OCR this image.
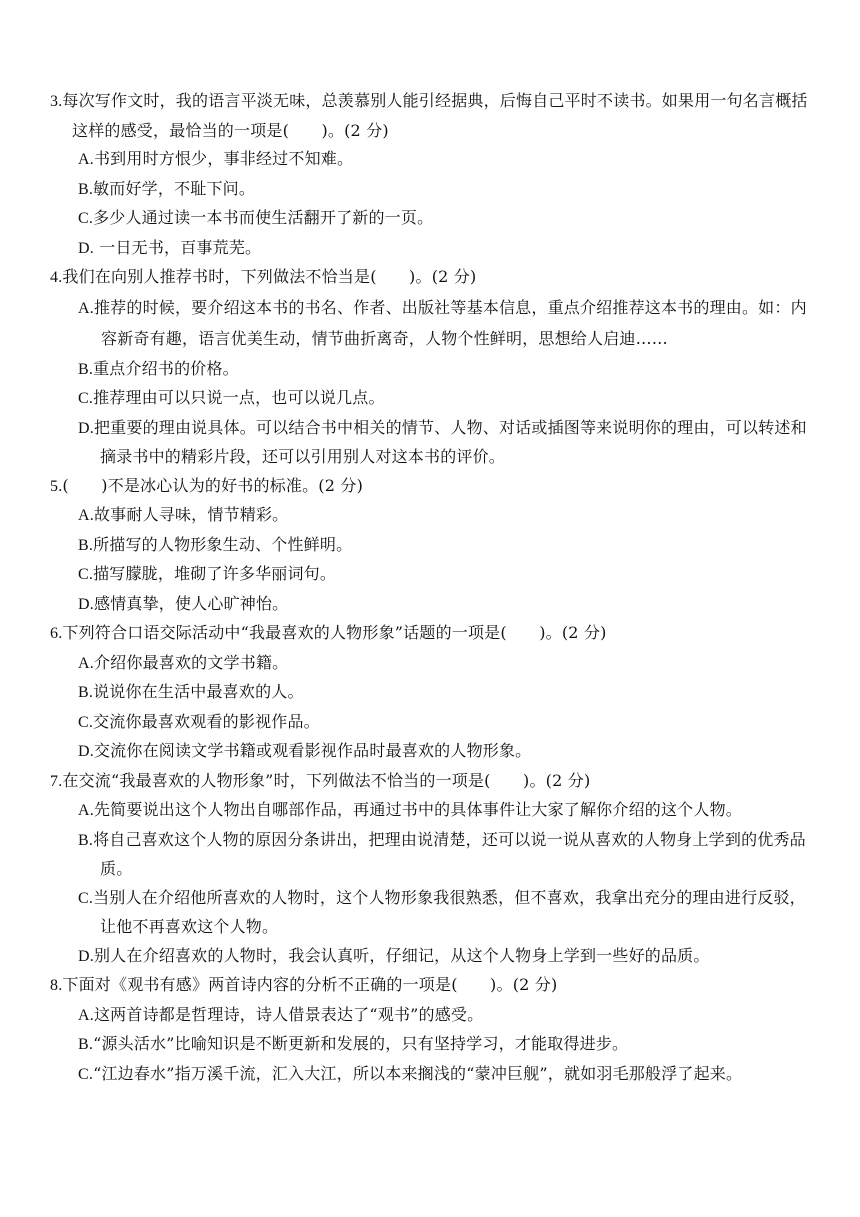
3.每次写作文时，我的语言平淡无味，总羡慕别人能引经据典，后悔自己平时不读书。如果用一句名言概括这样的感受，最恰当的一项是(　　)。(2 分)
A.书到用时方恨少，事非经过不知难。
B.敏而好学，不耻下问。
C.多少人通过读一本书而使生活翻开了新的一页。
D. 一日无书，百事荒芜。
4.我们在向别人推荐书时，下列做法不恰当是(　　)。(2 分)
A.推荐的时候，要介绍这本书的书名、作者、出版社等基本信息，重点介绍推荐这本书的理由。如：内容新奇有趣，语言优美生动，情节曲折离奇，人物个性鲜明，思想给人启迪……
B.重点介绍书的价格。
C.推荐理由可以只说一点，也可以说几点。
D.把重要的理由说具体。可以结合书中相关的情节、人物、对话或插图等来说明你的理由，可以转述和摘录书中的精彩片段，还可以引用别人对这本书的评价。
5.(　　)不是冰心认为的好书的标准。(2 分)
A.故事耐人寻味，情节精彩。
B.所描写的人物形象生动、个性鲜明。
C.描写朦胧，堆砌了许多华丽词句。
D.感情真挚，使人心旷神怡。
6.下列符合口语交际活动中“我最喜欢的人物形象”话题的一项是(　　)。(2 分)
A.介绍你最喜欢的文学书籍。
B.说说你在生活中最喜欢的人。
C.交流你最喜欢观看的影视作品。
D.交流你在阅读文学书籍或观看影视作品时最喜欢的人物形象。
7.在交流“我最喜欢的人物形象”时，下列做法不恰当的一项是(　　)。(2 分)
A.先简要说出这个人物出自哪部作品，再通过书中的具体事件让大家了解你介绍的这个人物。
B.将自己喜欢这个人物的原因分条讲出，把理由说清楚，还可以说一说从喜欢的人物身上学到的优秀品质。
C.当别人在介绍他所喜欢的人物时，这个人物形象我很熟悉，但不喜欢，我拿出充分的理由进行反驳，让他不再喜欢这个人物。
D.别人在介绍喜欢的人物时，我会认真听，仔细记，从这个人物身上学到一些好的品质。
8.下面对《观书有感》两首诗内容的分析不正确的一项是(　　)。(2 分)
A.这两首诗都是哲理诗，诗人借景表达了“观书”的感受。
B.“源头活水”比喻知识是不断更新和发展的，只有坚持学习，才能取得进步。
C.“江边春水”指万溪千流，汇入大江，所以本来搁浅的“蒙冲巨舰”，就如羽毛那般浮了起来。
